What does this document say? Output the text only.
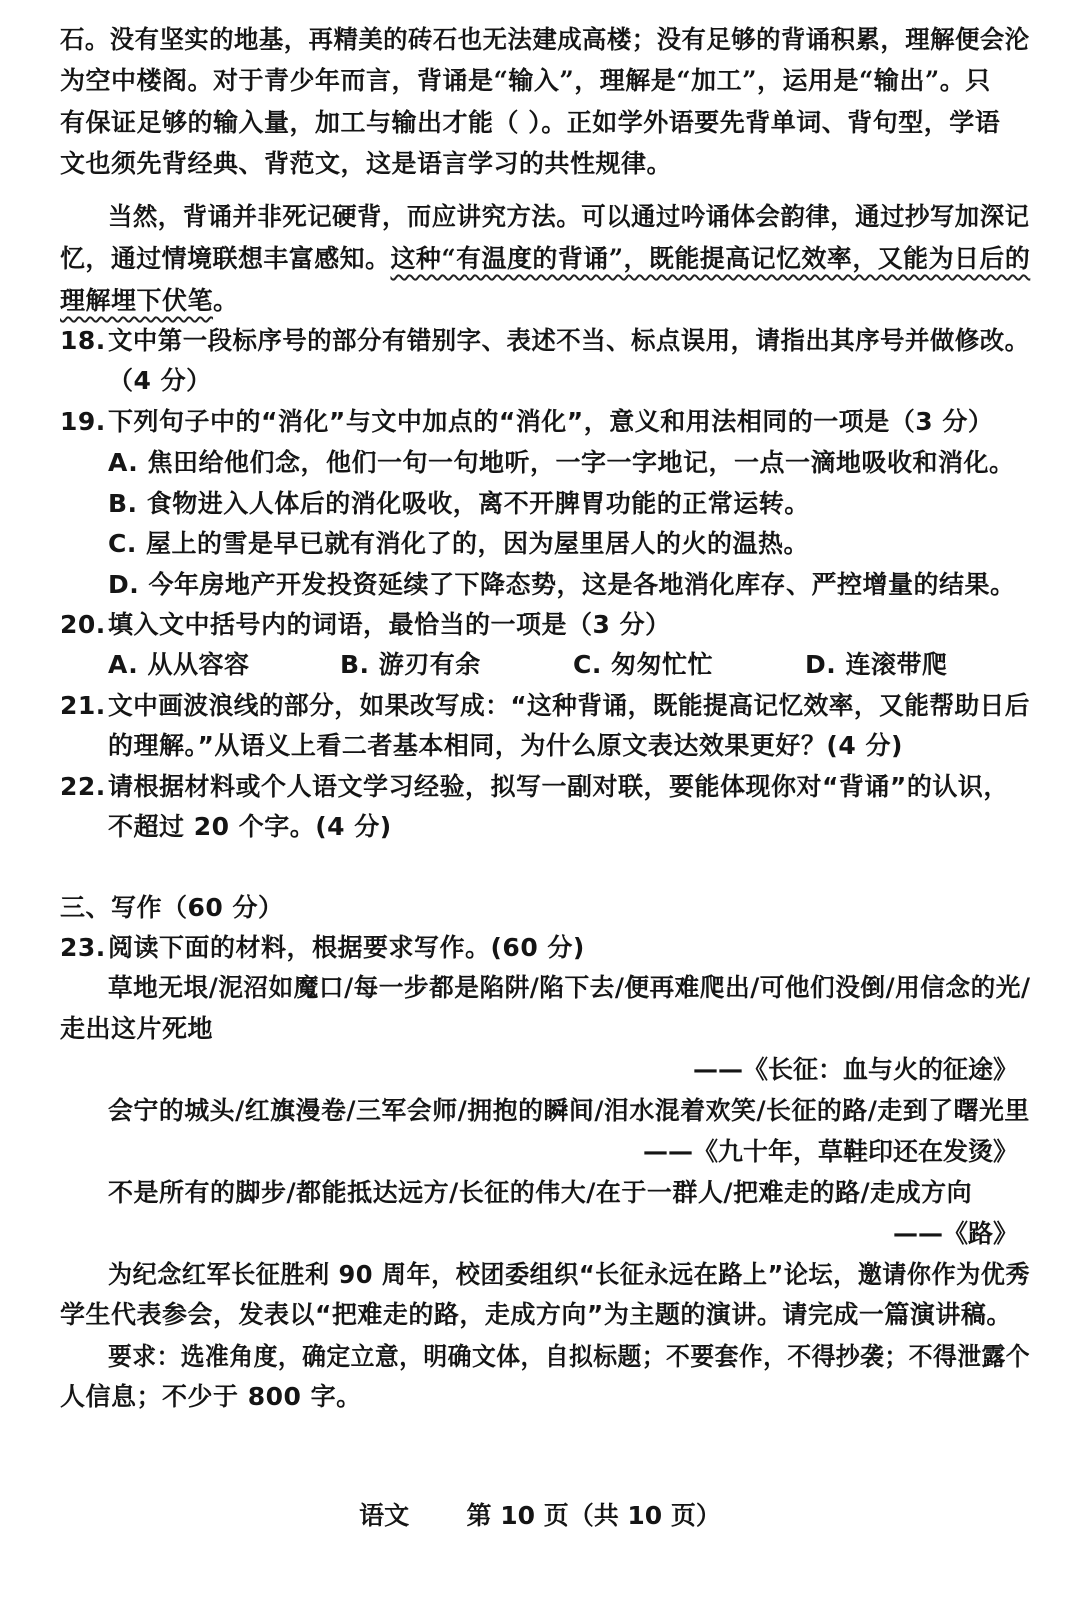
石。没有坚实的地基，再精美的砖石也无法建成高楼；没有足够的背诵积累，理解便会沦
为空中楼阁。对于青少年而言，背诵是“输入”，理解是“加工”，运用是“输出”。只
有保证足够的输入量，加工与输出才能（ ）。正如学外语要先背单词、背句型，学语
文也须先背经典、背范文，这是语言学习的共性规律。
当然，背诵并非死记硬背，而应讲究方法。可以通过吟诵体会韵律，通过抄写加深记
忆，通过情境联想丰富感知。这种“有温度的背诵”，既能提高记忆效率，又能为日后的
理解埋下伏笔。
18. 文中第一段标序号的部分有错别字、表述不当、标点误用，请指出其序号并做修改。
（4 分）
19. 下列句子中的“消化”与文中加点的“消化”，意义和用法相同的一项是（3 分）
A. 焦田给他们念，他们一句一句地听，一字一字地记，一点一滴地吸收和消化。
B. 食物进入人体后的消化吸收，离不开脾胃功能的正常运转。
C. 屋上的雪是早已就有消化了的，因为屋里居人的火的温热。
D. 今年房地产开发投资延续了下降态势，这是各地消化库存、严控增量的结果。
20. 填入文中括号内的词语，最恰当的一项是（3 分）
A. 从从容容	B. 游刃有余	C. 匆匆忙忙	D. 连滚带爬
21. 文中画波浪线的部分，如果改写成：“这种背诵，既能提高记忆效率，又能帮助日后
的理解。”从语义上看二者基本相同，为什么原文表达效果更好？(4 分)
22. 请根据材料或个人语文学习经验，拟写一副对联，要能体现你对“背诵”的认识，
不超过 20 个字。(4 分)
三、写作（60 分）
23. 阅读下面的材料，根据要求写作。(60 分)
草地无垠/泥沼如魔口/每一步都是陷阱/陷下去/便再难爬出/可他们没倒/用信念的光/
走出这片死地
——《长征：血与火的征途》
会宁的城头/红旗漫卷/三军会师/拥抱的瞬间/泪水混着欢笑/长征的路/走到了曙光里
——《九十年，草鞋印还在发烫》
不是所有的脚步/都能抵达远方/长征的伟大/在于一群人/把难走的路/走成方向
——《路》
为纪念红军长征胜利 90 周年，校团委组织“长征永远在路上”论坛，邀请你作为优秀
学生代表参会，发表以“把难走的路，走成方向”为主题的演讲。请完成一篇演讲稿。
要求：选准角度，确定立意，明确文体，自拟标题；不要套作，不得抄袭；不得泄露个
人信息；不少于 800 字。
语文 第 10 页（共 10 页）
